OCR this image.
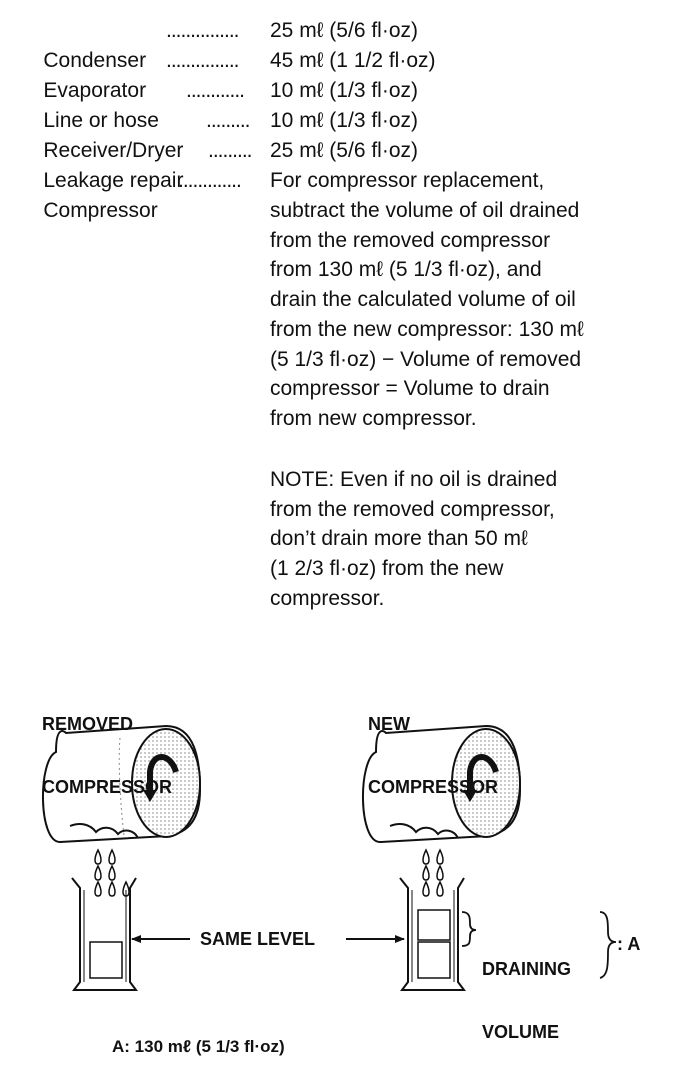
Condenser

...............

25 mℓ (5/6 fl·oz)

Evaporator

...............

45 mℓ (1 1/2 fl·oz)

Line or hose

............

10 mℓ (1/3 fl·oz)

Receiver/Dryer

.........

10 mℓ (1/3 fl·oz)

Leakage repair

.........

25 mℓ (5/6 fl·oz)

Compressor

.............

For compressor replacement,

subtract the volume of oil drained
from the removed compressor
from 130 mℓ (5 1/3 fl·oz), and
drain the calculated volume of oil
from the new compressor: 130 mℓ
(5 1/3 fl·oz) − Volume of removed
compressor = Volume to drain
from new compressor.
NOTE: Even if no oil is drained
from the removed compressor,
don’t drain more than 50 mℓ
(1 2/3 fl·oz) from the new
compressor.

REMOVED

COMPRESSOR

NEW

COMPRESSOR

SAME LEVEL

DRAINING

VOLUME

: A
A: 130 mℓ (5 1/3 fl·oz)
